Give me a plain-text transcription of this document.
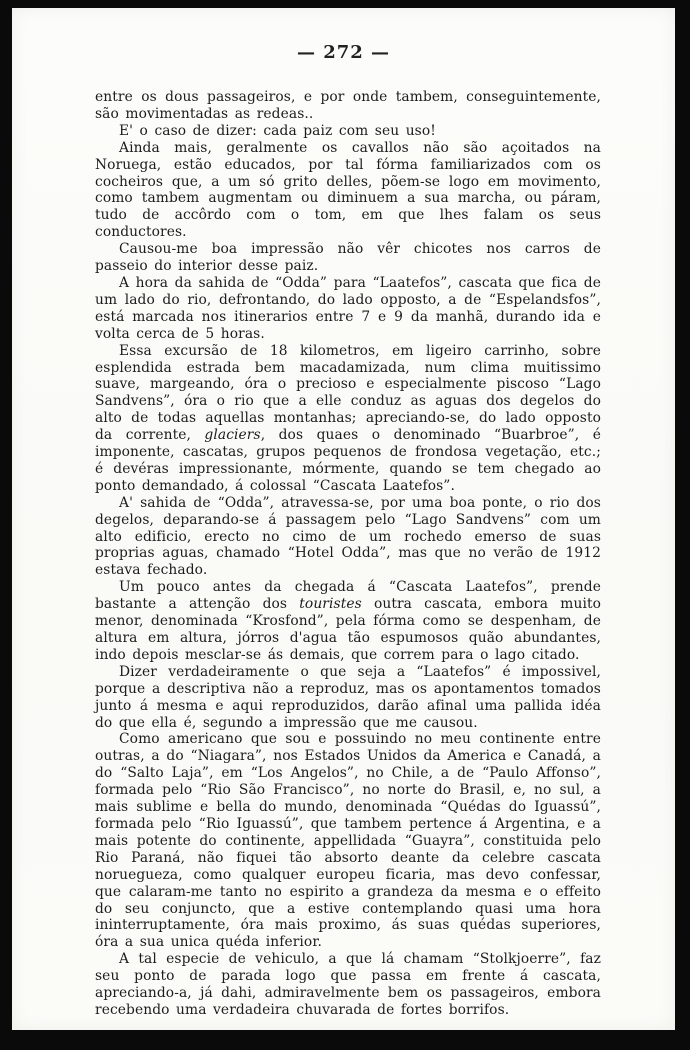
— 272 —

entre os dous passageiros, e por onde tambem, conseguintemente, são movimentadas as redeas..

E' o caso de dizer: cada paiz com seu uso!

Ainda mais, geralmente os cavallos não são açoitados na Noruega, estão educados, por tal fórma familiarizados com os cocheiros que, a um só grito delles, põem-se logo em movimento, como tambem augmentam ou diminuem a sua marcha, ou páram, tudo de accôrdo com o tom, em que lhes falam os seus conductores.

Causou-me boa impressão não vêr chicotes nos carros de passeio do interior desse paiz.

A hora da sahida de “Odda” para “Laatefos”, cascata que fica de um lado do rio, defrontando, do lado opposto, a de “Espelandsfos”, está marcada nos itinerarios entre 7 e 9 da manhã, durando ida e volta cerca de 5 horas.

Essa excursão de 18 kilometros, em ligeiro carrinho, sobre esplendida estrada bem macadamizada, num clima muitissimo suave, margeando, óra o precioso e especialmente piscoso “Lago Sandvens”, óra o rio que a elle conduz as aguas dos degelos do alto de todas aquellas montanhas; apreciando-se, do lado opposto da corrente, glaciers, dos quaes o denominado “Buarbroe”, é imponente, cascatas, grupos pequenos de frondosa vegetação, etc.; é devéras impressionante, mórmente, quando se tem chegado ao ponto demandado, á colossal “Cascata Laatefos”.

A' sahida de “Odda”, atravessa-se, por uma boa ponte, o rio dos degelos, deparando-se á passagem pelo “Lago Sandvens” com um alto edificio, erecto no cimo de um rochedo emerso de suas proprias aguas, chamado “Hotel Odda”, mas que no verão de 1912 estava fechado.

Um pouco antes da chegada á “Cascata Laatefos”, prende bastante a attenção dos touristes outra cascata, embora muito menor, denominada “Krosfond”, pela fórma como se despenham, de altura em altura, jórros d'agua tão espumosos quão abundantes, indo depois mesclar-se ás demais, que correm para o lago citado.

Dizer verdadeiramente o que seja a “Laatefos” é impossivel, porque a descriptiva não a reproduz, mas os apontamentos tomados junto á mesma e aqui reproduzidos, darão afinal uma pallida idéa do que ella é, segundo a impressão que me causou.

Como americano que sou e possuindo no meu continente entre outras, a do “Niagara”, nos Estados Unidos da America e Canadá, a do “Salto Laja”, em “Los Angelos”, no Chile, a de “Paulo Affonso”, formada pelo “Rio São Francisco”, no norte do Brasil, e, no sul, a mais sublime e bella do mundo, denominada “Quédas do Iguassú”, formada pelo “Rio Iguassú”, que tambem pertence á Argentina, e a mais potente do continente, appellidada “Guayra”, constituida pelo Rio Paraná, não fiquei tão absorto deante da celebre cascata noruegueza, como qualquer europeu ficaria, mas devo confessar, que calaram-me tanto no espirito a grandeza da mesma e o effeito do seu conjuncto, que a estive contemplando quasi uma hora ininterruptamente, óra mais proximo, ás suas quédas superiores, óra a sua unica quéda inferior.

A tal especie de vehiculo, a que lá chamam “Stolkjoerre”, faz seu ponto de parada logo que passa em frente á cascata, apreciando-a, já dahi, admiravelmente bem os passageiros, embora recebendo uma verdadeira chuvarada de fortes borrifos.
